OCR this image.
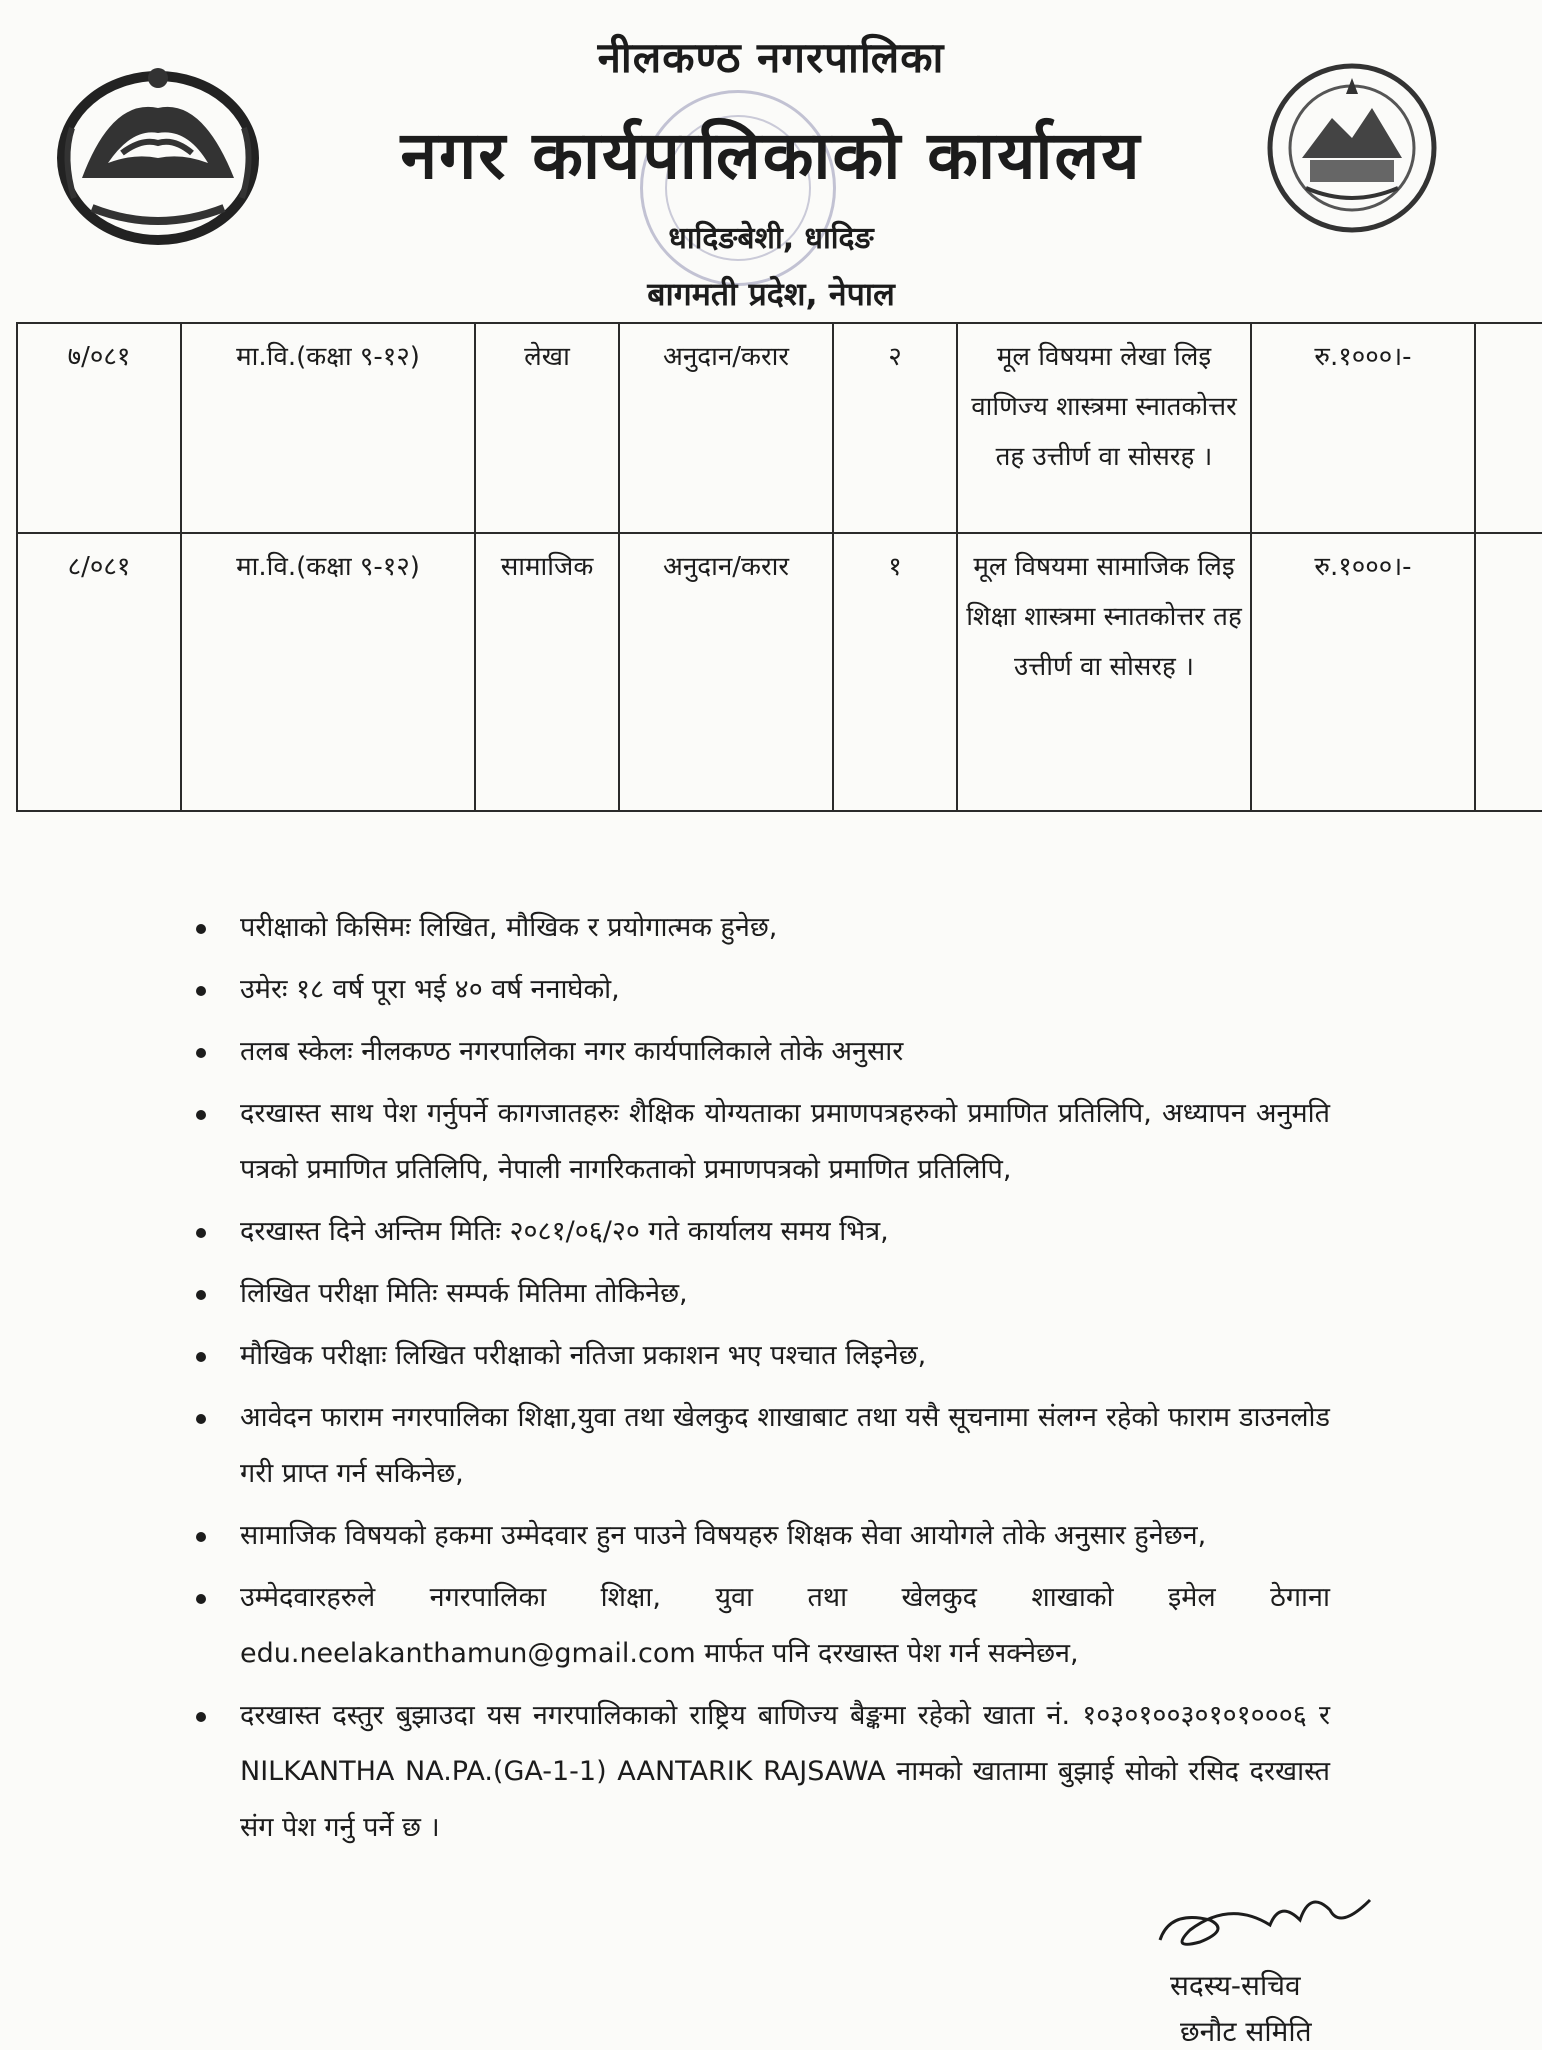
नीलकण्ठ नगरपालिका
नगर कार्यपालिकाको कार्यालय
धादिङबेशी, धादिङ
बागमती प्रदेश, नेपाल
७/०८१	मा.वि.(कक्षा ९-१२)	लेखा	अनुदान/करार	२	मूल विषयमा लेखा लिइ वाणिज्य शास्त्रमा स्नातकोत्तर तह उत्तीर्ण वा सोसरह ।	रु.१०००।-	
८/०८१	मा.वि.(कक्षा ९-१२)	सामाजिक	अनुदान/करार	१	मूल विषयमा सामाजिक लिइ शिक्षा शास्त्रमा स्नातकोत्तर तह उत्तीर्ण वा सोसरह ।	रु.१०००।-	
परीक्षाको किसिमः लिखित, मौखिक र प्रयोगात्मक हुनेछ,
उमेरः १८ वर्ष पूरा भई ४० वर्ष ननाघेको,
तलब स्केलः नीलकण्ठ नगरपालिका नगर कार्यपालिकाले तोके अनुसार
दरखास्त साथ पेश गर्नुपर्ने कागजातहरुः शैक्षिक योग्यताका प्रमाणपत्रहरुको प्रमाणित प्रतिलिपि, अध्यापन अनुमति पत्रको प्रमाणित प्रतिलिपि, नेपाली नागरिकताको प्रमाणपत्रको प्रमाणित प्रतिलिपि,
दरखास्त दिने अन्तिम मितिः २०८१/०६/२० गते कार्यालय समय भित्र,
लिखित परीक्षा मितिः सम्पर्क मितिमा तोकिनेछ,
मौखिक परीक्षाः लिखित परीक्षाको नतिजा प्रकाशन भए पश्चात लिइनेछ,
आवेदन फाराम नगरपालिका शिक्षा,युवा तथा खेलकुद शाखाबाट तथा यसै सूचनामा संलग्न रहेको फाराम डाउनलोड गरी प्राप्त गर्न सकिनेछ,
सामाजिक विषयको हकमा उम्मेदवार हुन पाउने विषयहरु शिक्षक सेवा आयोगले तोके अनुसार हुनेछन,
उम्मेदवारहरुले नगरपालिका शिक्षा, युवा तथा खेलकुद शाखाको इमेल ठेगाना edu.neelakanthamun@gmail.com मार्फत पनि दरखास्त पेश गर्न सक्नेछन,
दरखास्त दस्तुर बुझाउदा यस नगरपालिकाको राष्ट्रिय बाणिज्य बैङ्कमा रहेको खाता नं. १०३०१००३०१०१०००६ र NILKANTHA NA.PA.(GA-1-1) AANTARIK RAJSAWA नामको खातामा बुझाई सोको रसिद दरखास्त संग पेश गर्नु पर्ने छ ।
सदस्य-सचिव
छनौट समिति
